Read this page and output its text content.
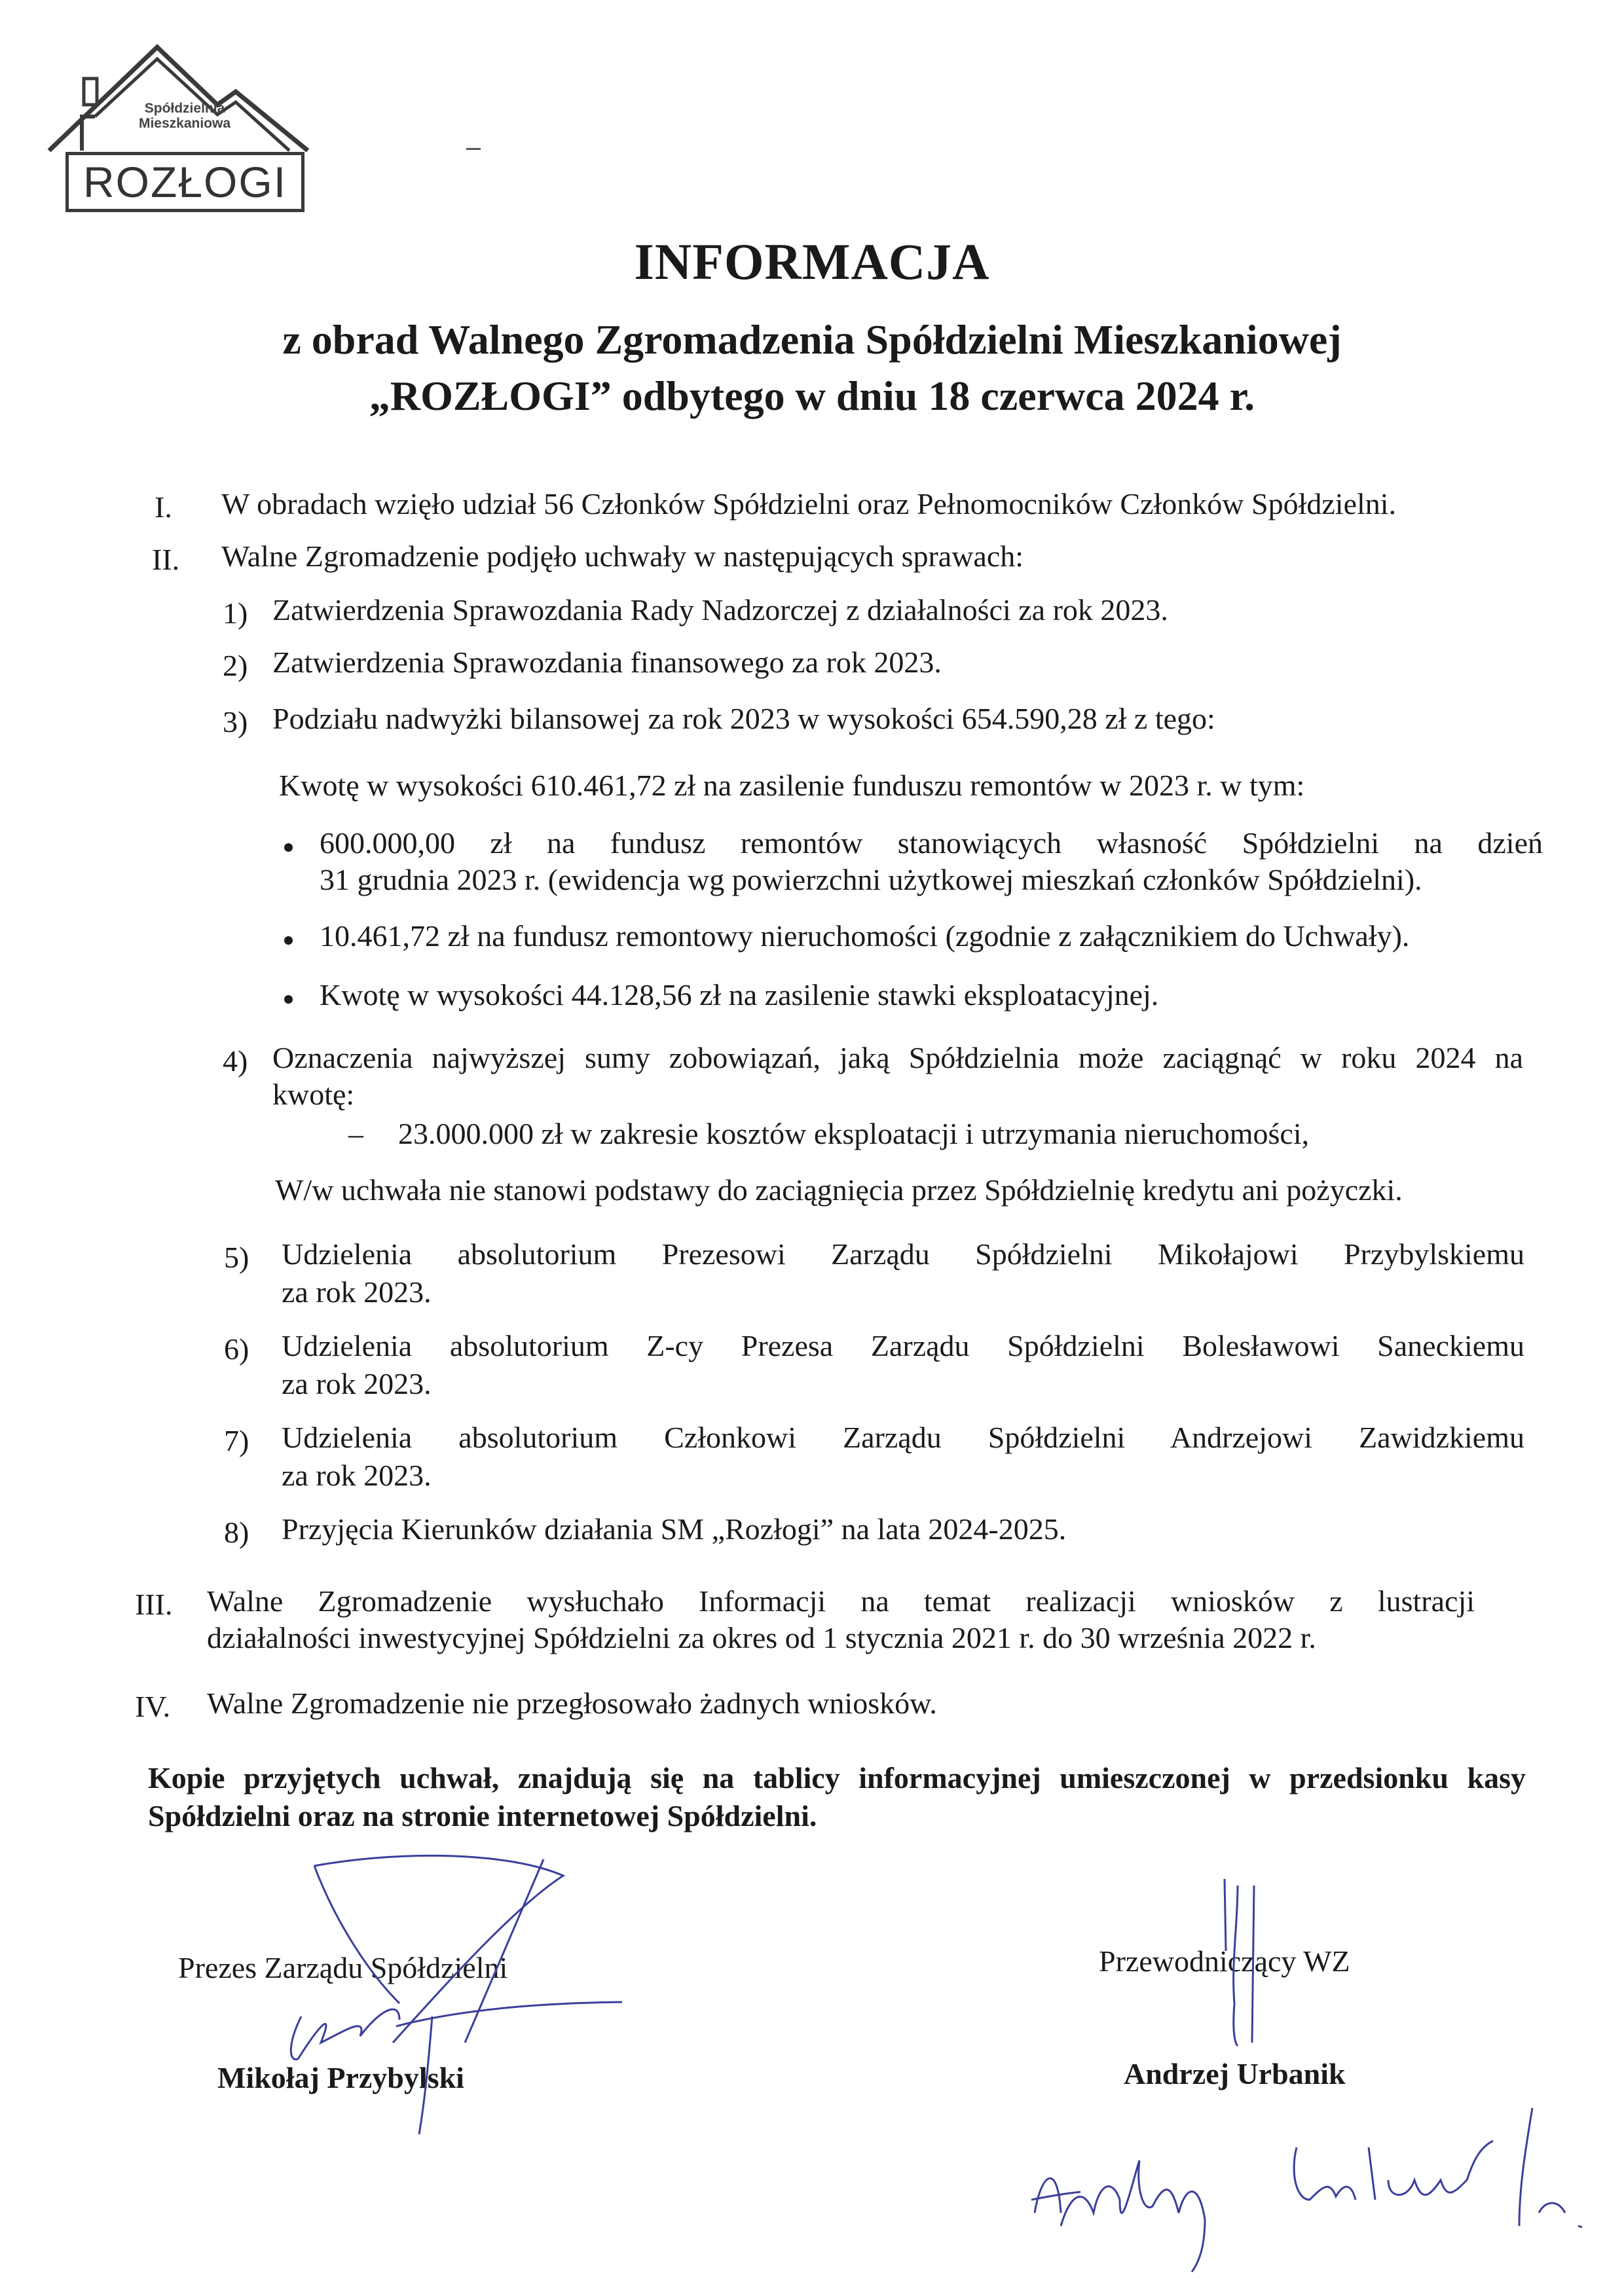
Spółdzielnia
Mieszkaniowa
ROZŁOGI
INFORMACJA
z obrad Walnego Zgromadzenia Spółdzielni Mieszkaniowej
„ROZŁOGI” odbytego w dniu 18 czerwca 2024 r.
I. W obradach wzięło udział 56 Członków Spółdzielni oraz Pełnomocników Członków Spółdzielni.
II. Walne Zgromadzenie podjęło uchwały w następujących sprawach:
1) Zatwierdzenia Sprawozdania Rady Nadzorczej z działalności za rok 2023.
2) Zatwierdzenia Sprawozdania finansowego za rok 2023.
3) Podziału nadwyżki bilansowej za rok 2023 w wysokości 654.590,28 zł z tego:
Kwotę w wysokości 610.461,72 zł na zasilenie funduszu remontów w 2023 r. w tym:
600.000,00 zł na fundusz remontów stanowiących własność Spółdzielni na dzień
31 grudnia 2023 r. (ewidencja wg powierzchni użytkowej mieszkań członków Spółdzielni).
10.461,72 zł na fundusz remontowy nieruchomości (zgodnie z załącznikiem do Uchwały).
Kwotę w wysokości 44.128,56 zł na zasilenie stawki eksploatacyjnej.
4) Oznaczenia najwyższej sumy zobowiązań, jaką Spółdzielnia może zaciągnąć w roku 2024 na
kwotę:
– 23.000.000 zł w zakresie kosztów eksploatacji i utrzymania nieruchomości,
W/w uchwała nie stanowi podstawy do zaciągnięcia przez Spółdzielnię kredytu ani pożyczki.
5) Udzielenia absolutorium Prezesowi Zarządu Spółdzielni Mikołajowi Przybylskiemu
za rok 2023.
6) Udzielenia absolutorium Z-cy Prezesa Zarządu Spółdzielni Bolesławowi Saneckiemu
za rok 2023.
7) Udzielenia absolutorium Członkowi Zarządu Spółdzielni Andrzejowi Zawidzkiemu
za rok 2023.
8) Przyjęcia Kierunków działania SM „Rozłogi” na lata 2024-2025.
III. Walne Zgromadzenie wysłuchało Informacji na temat realizacji wniosków z lustracji
działalności inwestycyjnej Spółdzielni za okres od 1 stycznia 2021 r. do 30 września 2022 r.
IV. Walne Zgromadzenie nie przegłosowało żadnych wniosków.
Kopie przyjętych uchwał, znajdują się na tablicy informacyjnej umieszczonej w przedsionku kasy
Spółdzielni oraz na stronie internetowej Spółdzielni.
Prezes Zarządu Spółdzielni
Mikołaj Przybylski
Przewodniczący WZ
Andrzej Urbanik
